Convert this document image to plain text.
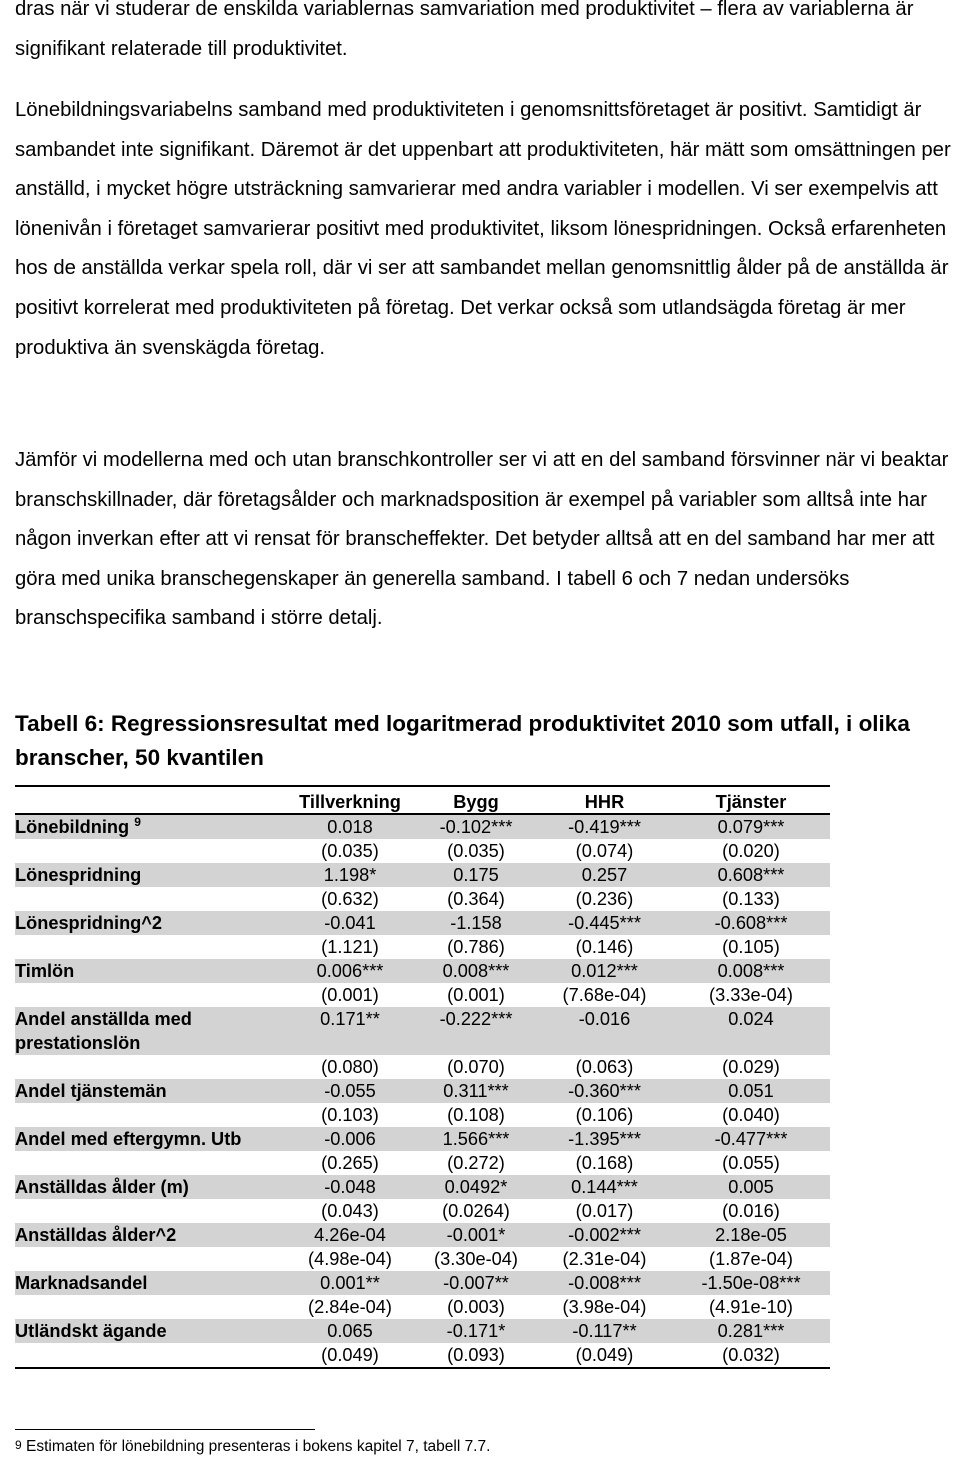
dras när vi studerar de enskilda variablernas samvariation med produktivitet – flera av variablerna är signifikant relaterade till produktivitet.

Lönebildningsvariabelns samband med produktiviteten i genomsnittsföretaget är positivt. Samtidigt är sambandet inte signifikant. Däremot är det uppenbart att produktiviteten, här mätt som omsättningen per anställd, i mycket högre utsträckning samvarierar med andra variabler i modellen. Vi ser exempelvis att lönenivån i företaget samvarierar positivt med produktivitet, liksom lönespridningen. Också erfarenheten hos de anställda verkar spela roll, där vi ser att sambandet mellan genomsnittlig ålder på de anställda är positivt korrelerat med produktiviteten på företag. Det verkar också som utlandsägda företag är mer produktiva än svenskägda företag.

Jämför vi modellerna med och utan branschkontroller ser vi att en del samband försvinner när vi beaktar branschskillnader, där företagsålder och marknadsposition är exempel på variabler som alltså inte har någon inverkan efter att vi rensat för branscheffekter. Det betyder alltså att en del samband har mer att göra med unika branschegenskaper än generella samband. I tabell 6 och 7 nedan undersöks branschspecifika samband i större detalj.

Tabell 6: Regressionsresultat med logaritmerad produktivitet 2010 som utfall, i olika branscher, 50 kvantilen

	Tillverkning	Bygg	HHR	Tjänster
Lönebildning $^9$	0.018	-0.102***	-0.419***	0.079***
	(0.035)	(0.035)	(0.074)	(0.020)
Lönespridning	1.198*	0.175	0.257	0.608***
	(0.632)	(0.364)	(0.236)	(0.133)
Lönespridning^2	-0.041	-1.158	-0.445***	-0.608***
	(1.121)	(0.786)	(0.146)	(0.105)
Timlön	0.006***	0.008***	0.012***	0.008***
	(0.001)	(0.001)	(7.68e-04)	(3.33e-04)
Andel anställda med prestationslön	0.171**	-0.222***	-0.016	0.024
	(0.080)	(0.070)	(0.063)	(0.029)
Andel tjänstemän	-0.055	0.311***	-0.360***	0.051
	(0.103)	(0.108)	(0.106)	(0.040)
Andel med eftergymn. Utb	-0.006	1.566***	-1.395***	-0.477***
	(0.265)	(0.272)	(0.168)	(0.055)
Anställdas ålder (m)	-0.048	0.0492*	0.144***	0.005
	(0.043)	(0.0264)	(0.017)	(0.016)
Anställdas ålder^2	4.26e-04	-0.001*	-0.002***	2.18e-05
	(4.98e-04)	(3.30e-04)	(2.31e-04)	(1.87e-04)
Marknadsandel	0.001**	-0.007**	-0.008***	-1.50e-08***
	(2.84e-04)	(0.003)	(3.98e-04)	(4.91e-10)
Utländskt ägande	0.065	-0.171*	-0.117**	0.281***
	(0.049)	(0.093)	(0.049)	(0.032)

$^9$ Estimaten för lönebildning presenteras i bokens kapitel 7, tabell 7.7.
